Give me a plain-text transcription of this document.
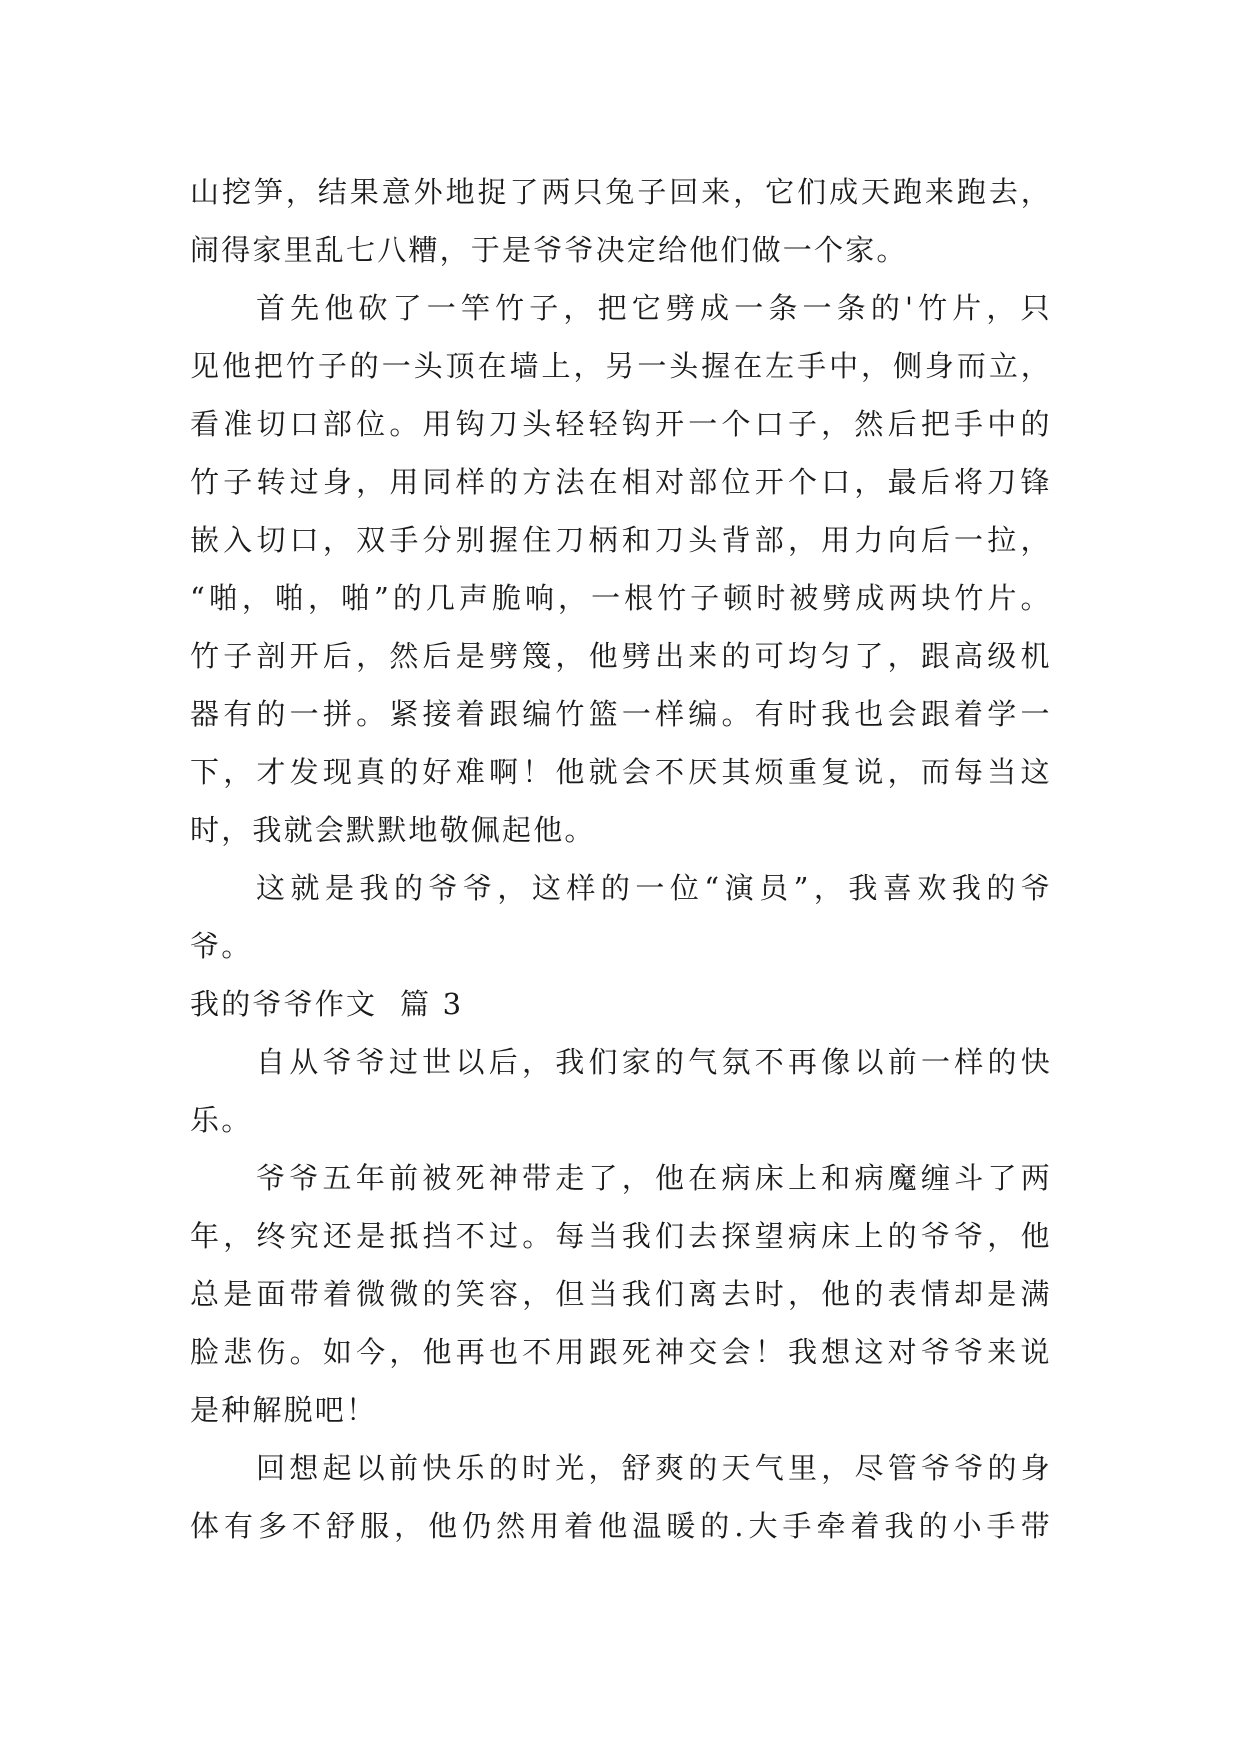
山 挖 笋 ， 结 果 意 外 地 捉 了 两 只 兔 子 回 来 ， 它 们 成 天 跑 来 跑 去 ，
闹得家里乱七八糟，于是爷爷决定给他们做一个家。
首 先 他 砍 了 一 竿 竹 子 ， 把 它 劈 成 一 条 一 条 的 ' 竹 片 ， 只
见 他 把 竹 子 的 一 头 顶 在 墙 上 ， 另 一 头 握 在 左 手 中 ， 侧 身 而 立 ，
看 准 切 口 部 位 。 用 钩 刀 头 轻 轻 钩 开 一 个 口 子 ， 然 后 把 手 中 的
竹 子 转 过 身 ， 用 同 样 的 方 法 在 相 对 部 位 开 个 口 ， 最 后 将 刀 锋
嵌 入 切 口 ， 双 手 分 别 握 住 刀 柄 和 刀 头 背 部 ， 用 力 向 后 一 拉 ，
“ 啪 ， 啪 ， 啪 ” 的 几 声 脆 响 ， 一 根 竹 子 顿 时 被 劈 成 两 块 竹 片 。
竹 子 剖 开 后 ， 然 后 是 劈 篾 ， 他 劈 出 来 的 可 均 匀 了 ， 跟 高 级 机
器 有 的 一 拼 。 紧 接 着 跟 编 竹 篮 一 样 编 。 有 时 我 也 会 跟 着 学 一
下 ， 才 发 现 真 的 好 难 啊 ！ 他 就 会 不 厌 其 烦 重 复 说 ， 而 每 当 这
时，我就会默默地敬佩起他。
这 就 是 我 的 爷 爷 ， 这 样 的 一 位 “ 演 员 ” ， 我 喜 欢 我 的 爷
爷。
我的爷爷作文  篇 3
自 从 爷 爷 过 世 以 后 ， 我 们 家 的 气 氛 不 再 像 以 前 一 样 的 快
乐。
爷 爷 五 年 前 被 死 神 带 走 了 ， 他 在 病 床 上 和 病 魔 缠 斗 了 两
年 ， 终 究 还 是 抵 挡 不 过 。 每 当 我 们 去 探 望 病 床 上 的 爷 爷 ， 他
总 是 面 带 着 微 微 的 笑 容 ， 但 当 我 们 离 去 时 ， 他 的 表 情 却 是 满
脸 悲 伤 。 如 今 ， 他 再 也 不 用 跟 死 神 交 会 ！ 我 想 这 对 爷 爷 来 说
是种解脱吧！
回 想 起 以 前 快 乐 的 时 光 ， 舒 爽 的 天 气 里 ， 尽 管 爷 爷 的 身
体 有 多 不 舒 服 ， 他 仍 然 用 着 他 温 暖 的 . 大 手 牵 着 我 的 小 手 带
